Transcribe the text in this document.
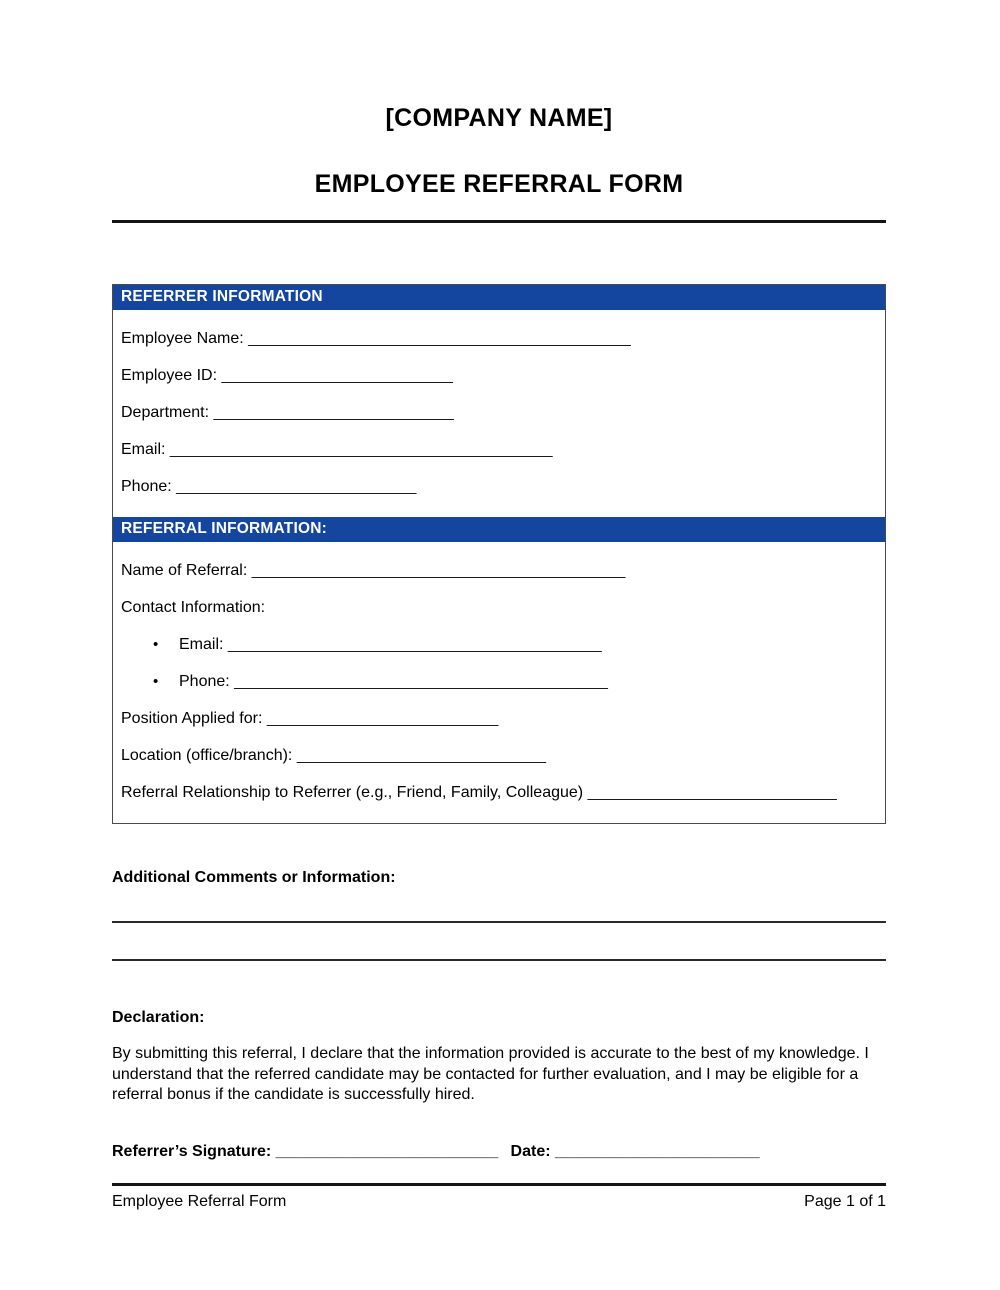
[COMPANY NAME]
EMPLOYEE REFERRAL FORM
REFERRER INFORMATION
Employee Name: ___________________________________________
Employee ID: __________________________
Department: ___________________________
Email: ___________________________________________
Phone: ___________________________
REFERRAL INFORMATION:
Name of Referral: __________________________________________
Contact Information:
• Email: __________________________________________
• Phone: __________________________________________
Position Applied for: __________________________
Location (office/branch): ____________________________
Referral Relationship to Referrer (e.g., Friend, Family, Colleague) ____________________________
Additional Comments or Information:
Declaration:
By submitting this referral, I declare that the information provided is accurate to the best of my knowledge. I understand that the referred candidate may be contacted for further evaluation, and I may be eligible for a referral bonus if the candidate is successfully hired.
Referrer’s Signature: _________________________ Date: _______________________
Employee Referral Form	Page 1 of 1
